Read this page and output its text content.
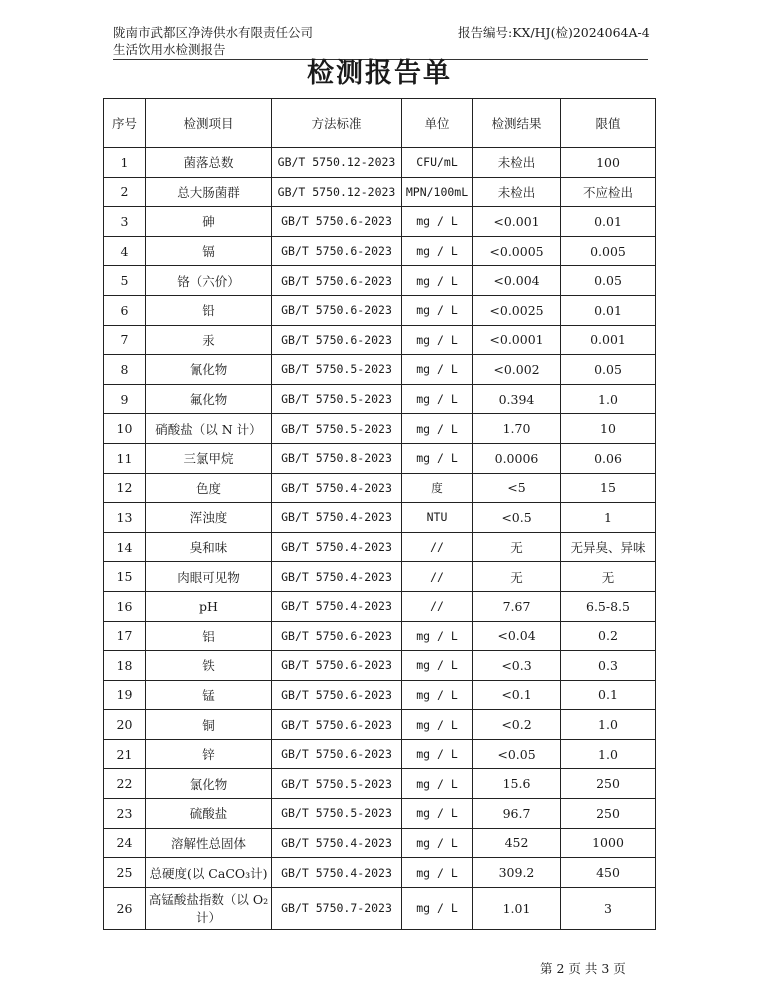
陇南市武都区净涛供水有限责任公司
生活饮用水检测报告
报告编号:KX/HJ(检)2024064A-4
检测报告单
序号	检测项目	方法标准	单位	检测结果	限值
1	菌落总数	GB/T 5750.12-2023	CFU/mL	未检出	100
2	总大肠菌群	GB/T 5750.12-2023	MPN/100mL	未检出	不应检出
3	砷	GB/T 5750.6-2023	mg / L	<0.001	0.01
4	镉	GB/T 5750.6-2023	mg / L	<0.0005	0.005
5	铬（六价）	GB/T 5750.6-2023	mg / L	<0.004	0.05
6	铅	GB/T 5750.6-2023	mg / L	<0.0025	0.01
7	汞	GB/T 5750.6-2023	mg / L	<0.0001	0.001
8	氰化物	GB/T 5750.5-2023	mg / L	<0.002	0.05
9	氟化物	GB/T 5750.5-2023	mg / L	0.394	1.0
10	硝酸盐（以 N 计）	GB/T 5750.5-2023	mg / L	1.70	10
11	三氯甲烷	GB/T 5750.8-2023	mg / L	0.0006	0.06
12	色度	GB/T 5750.4-2023	度	<5	15
13	浑浊度	GB/T 5750.4-2023	NTU	<0.5	1
14	臭和味	GB/T 5750.4-2023	//	无	无异臭、异味
15	肉眼可见物	GB/T 5750.4-2023	//	无	无
16	pH	GB/T 5750.4-2023	//	7.67	6.5-8.5
17	铝	GB/T 5750.6-2023	mg / L	<0.04	0.2
18	铁	GB/T 5750.6-2023	mg / L	<0.3	0.3
19	锰	GB/T 5750.6-2023	mg / L	<0.1	0.1
20	铜	GB/T 5750.6-2023	mg / L	<0.2	1.0
21	锌	GB/T 5750.6-2023	mg / L	<0.05	1.0
22	氯化物	GB/T 5750.5-2023	mg / L	15.6	250
23	硫酸盐	GB/T 5750.5-2023	mg / L	96.7	250
24	溶解性总固体	GB/T 5750.4-2023	mg / L	452	1000
25	总硬度(以 CaCO₃计)	GB/T 5750.4-2023	mg / L	309.2	450
26	高锰酸盐指数（以 O₂计）	GB/T 5750.7-2023	mg / L	1.01	3
第 2 页 共 3 页
